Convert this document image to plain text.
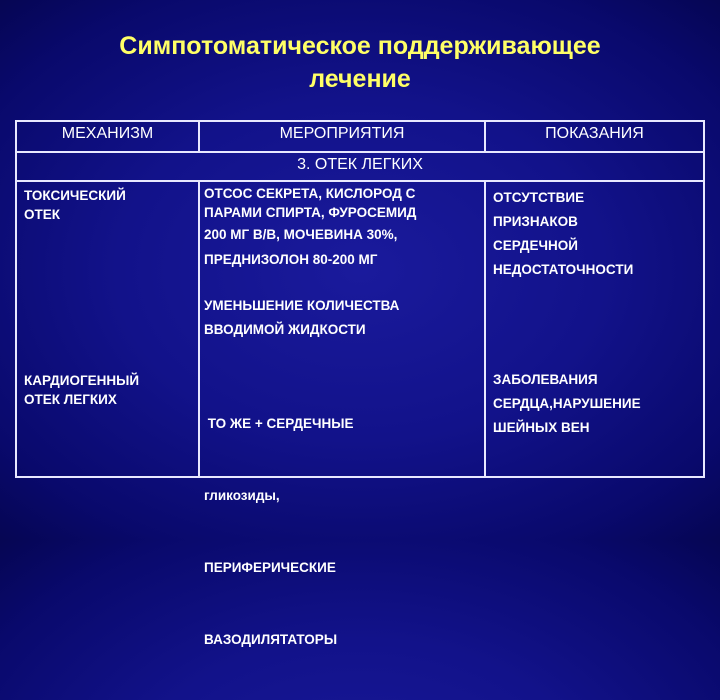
Симпотоматическое поддерживающее
лечение
МЕХАНИЗМ	МЕРОПРИЯТИЯ	ПОКАЗАНИЯ
3. ОТЕК ЛЕГКИХ
ТОКСИЧЕСКИЙ
ОТЕК
ОТСОС СЕКРЕТА, КИСЛОРОД С
ПАРАМИ СПИРТА, ФУРОСЕМИД
200 МГ В/В, МОЧЕВИНА 30%,
ПРЕДНИЗОЛОН 80-200 МГ
УМЕНЬШЕНИЕ КОЛИЧЕСТВА
ВВОДИМОЙ ЖИДКОСТИ
ОТСУТСТВИЕ
ПРИЗНАКОВ
СЕРДЕЧНОЙ
НЕДОСТАТОЧНОСТИ
КАРДИОГЕННЫЙ
ОТЕК ЛЕГКИХ

ТО ЖЕ + СЕРДЕЧНЫЕ

гликозиды,

ПЕРИФЕРИЧЕСКИЕ

ВАЗОДИЛЯТАТОРЫ

ЗАБОЛЕВАНИЯ
СЕРДЦА,НАРУШЕНИЕ
ШЕЙНЫХ ВЕН
